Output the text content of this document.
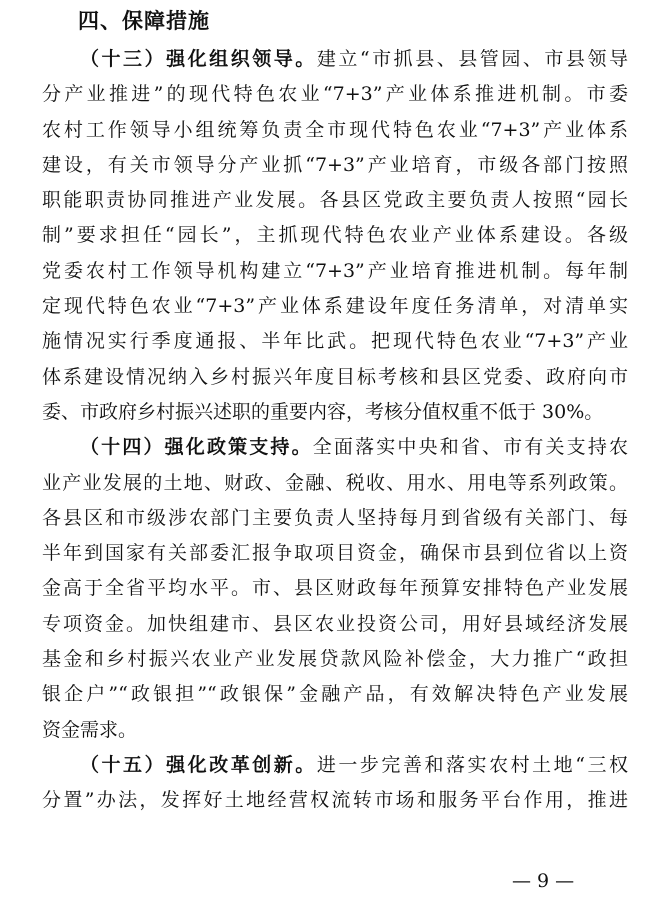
四、保障措施

（十三）强化组织领导。建立“市抓县、县管园、市县领导
分产业推进”的现代特色农业“7+3”产业体系推进机制。市委
农村工作领导小组统筹负责全市现代特色农业“7+3”产业体系
建设，有关市领导分产业抓“7+3”产业培育，市级各部门按照
职能职责协同推进产业发展。各县区党政主要负责人按照“园长
制”要求担任“园长”，主抓现代特色农业产业体系建设。各级
党委农村工作领导机构建立“7+3”产业培育推进机制。每年制
定现代特色农业“7+3”产业体系建设年度任务清单，对清单实
施情况实行季度通报、半年比武。把现代特色农业“7+3”产业
体系建设情况纳入乡村振兴年度目标考核和县区党委、政府向市
委、市政府乡村振兴述职的重要内容，考核分值权重不低于 30%。

（十四）强化政策支持。全面落实中央和省、市有关支持农
业产业发展的土地、财政、金融、税收、用水、用电等系列政策。
各县区和市级涉农部门主要负责人坚持每月到省级有关部门、每
半年到国家有关部委汇报争取项目资金，确保市县到位省以上资
金高于全省平均水平。市、县区财政每年预算安排特色产业发展
专项资金。加快组建市、县区农业投资公司，用好县域经济发展
基金和乡村振兴农业产业发展贷款风险补偿金，大力推广“政担
银企户”“政银担”“政银保”金融产品，有效解决特色产业发展
资金需求。

（十五）强化改革创新。进一步完善和落实农村土地“三权
分置”办法，发挥好土地经营权流转市场和服务平台作用，推进

— 9 —
